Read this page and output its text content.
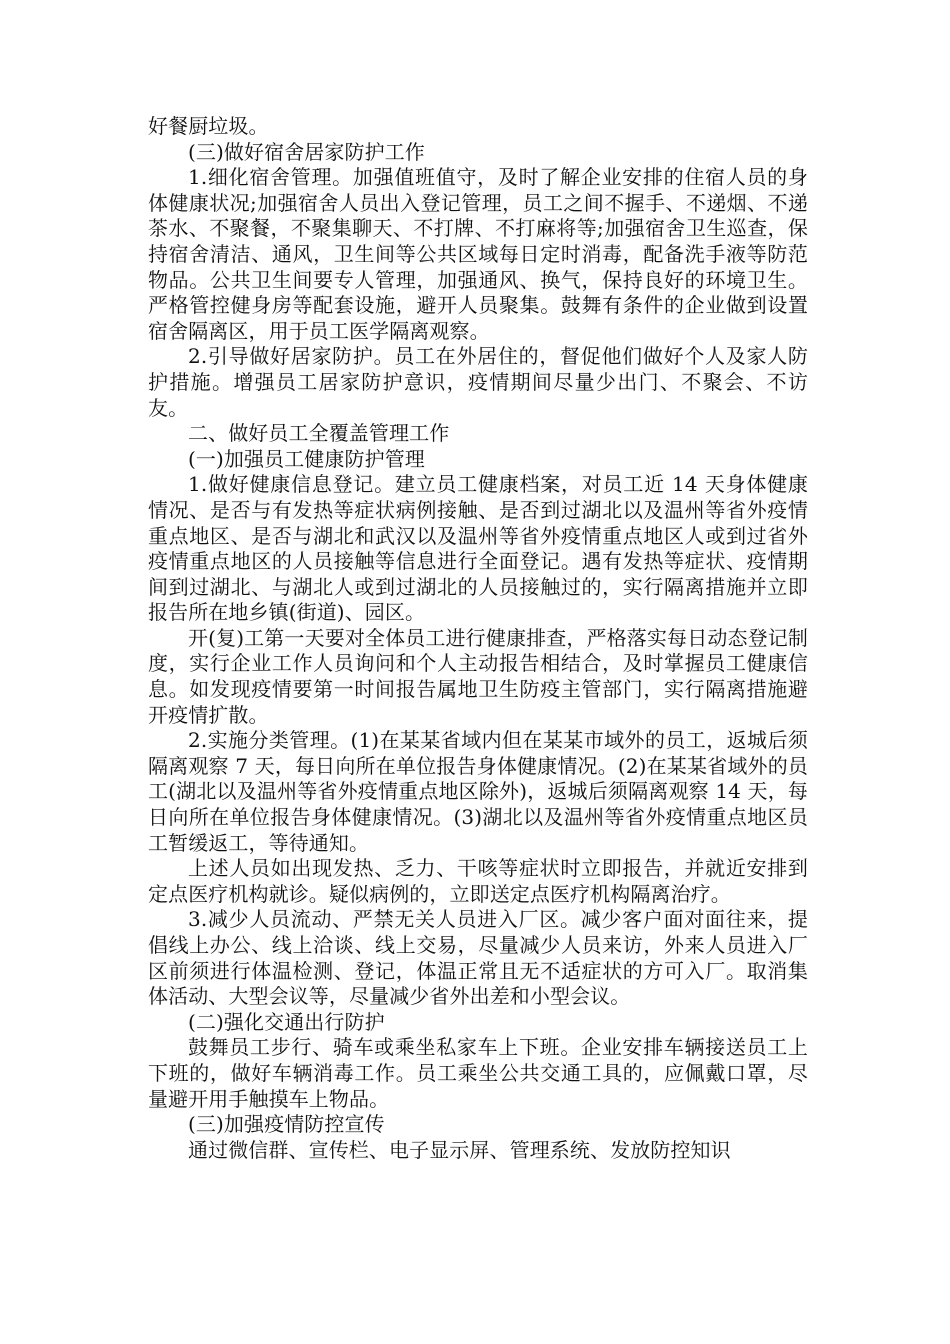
好餐厨垃圾。

(三)做好宿舍居家防护工作

1.细化宿舍管理。加强值班值守，及时了解企业安排的住宿人员的身体健康状况;加强宿舍人员出入登记管理，员工之间不握手、不递烟、不递茶水、不聚餐，不聚集聊天、不打牌、不打麻将等;加强宿舍卫生巡查，保持宿舍清洁、通风，卫生间等公共区域每日定时消毒，配备洗手液等防范物品。公共卫生间要专人管理，加强通风、换气，保持良好的环境卫生。严格管控健身房等配套设施，避开人员聚集。鼓舞有条件的企业做到设置宿舍隔离区，用于员工医学隔离观察。

2.引导做好居家防护。员工在外居住的，督促他们做好个人及家人防护措施。增强员工居家防护意识，疫情期间尽量少出门、不聚会、不访友。

二、做好员工全覆盖管理工作

(一)加强员工健康防护管理

1.做好健康信息登记。建立员工健康档案，对员工近 14 天身体健康情况、是否与有发热等症状病例接触、是否到过湖北以及温州等省外疫情重点地区、是否与湖北和武汉以及温州等省外疫情重点地区人或到过省外疫情重点地区的人员接触等信息进行全面登记。遇有发热等症状、疫情期间到过湖北、与湖北人或到过湖北的人员接触过的，实行隔离措施并立即报告所在地乡镇(街道)、园区。

开(复)工第一天要对全体员工进行健康排查，严格落实每日动态登记制度，实行企业工作人员询问和个人主动报告相结合，及时掌握员工健康信息。如发现疫情要第一时间报告属地卫生防疫主管部门，实行隔离措施避开疫情扩散。

2.实施分类管理。(1)在某某省域内但在某某市域外的员工，返城后须隔离观察 7 天，每日向所在单位报告身体健康情况。(2)在某某省域外的员工(湖北以及温州等省外疫情重点地区除外)，返城后须隔离观察 14 天，每日向所在单位报告身体健康情况。(3)湖北以及温州等省外疫情重点地区员工暂缓返工，等待通知。

上述人员如出现发热、乏力、干咳等症状时立即报告，并就近安排到定点医疗机构就诊。疑似病例的，立即送定点医疗机构隔离治疗。

3.减少人员流动、严禁无关人员进入厂区。减少客户面对面往来，提倡线上办公、线上洽谈、线上交易，尽量减少人员来访，外来人员进入厂区前须进行体温检测、登记，体温正常且无不适症状的方可入厂。取消集体活动、大型会议等，尽量减少省外出差和小型会议。

(二)强化交通出行防护

鼓舞员工步行、骑车或乘坐私家车上下班。企业安排车辆接送员工上下班的，做好车辆消毒工作。员工乘坐公共交通工具的，应佩戴口罩，尽量避开用手触摸车上物品。

(三)加强疫情防控宣传

通过微信群、宣传栏、电子显示屏、管理系统、发放防控知识
